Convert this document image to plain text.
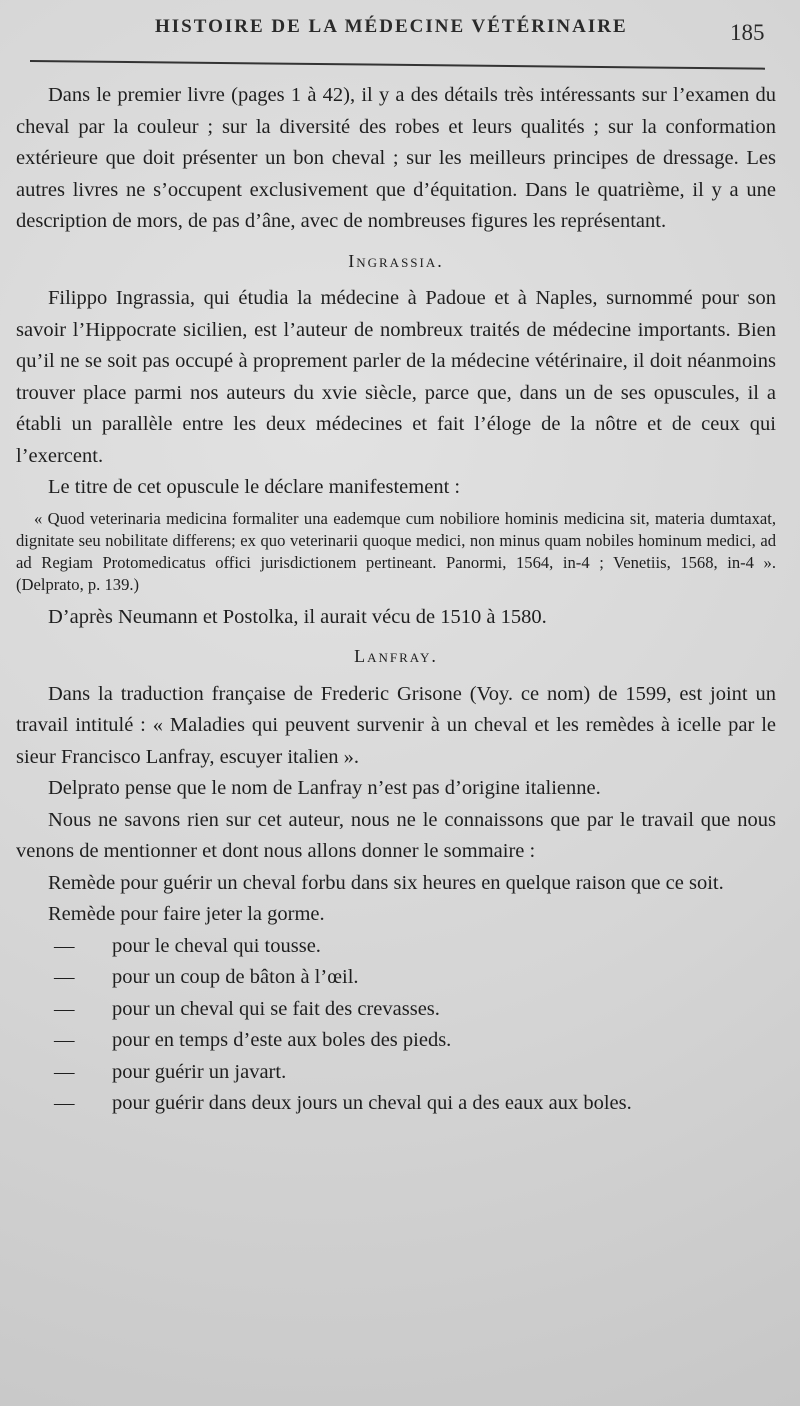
HISTOIRE DE LA MÉDECINE VÉTÉRINAIRE	185

Dans le premier livre (pages 1 à 42), il y a des détails très intéressants sur l’examen du cheval par la couleur ; sur la diversité des robes et leurs qualités ; sur la conformation extérieure que doit présenter un bon cheval ; sur les meilleurs principes de dressage. Les autres livres ne s’occupent exclusivement que d’équitation. Dans le quatrième, il y a une description de mors, de pas d’âne, avec de nombreuses figures les représentant.

Ingrassia.

Filippo Ingrassia, qui étudia la médecine à Padoue et à Naples, surnommé pour son savoir l’Hippocrate sicilien, est l’auteur de nombreux traités de médecine importants. Bien qu’il ne se soit pas occupé à proprement parler de la médecine vétérinaire, il doit néanmoins trouver place parmi nos auteurs du xvie siècle, parce que, dans un de ses opuscules, il a établi un parallèle entre les deux médecines et fait l’éloge de la nôtre et de ceux qui l’exercent.

Le titre de cet opuscule le déclare manifestement :

« Quod veterinaria medicina formaliter una eademque cum nobiliore hominis medicina sit, materia dumtaxat, dignitate seu nobilitate differens; ex quo veterinarii quoque medici, non minus quam nobiles hominum medici, ad ad Regiam Protomedicatus offici jurisdictionem pertineant. Panormi, 1564, in-4 ; Venetiis, 1568, in-4 ». (Delprato, p. 139.)

D’après Neumann et Postolka, il aurait vécu de 1510 à 1580.

Lanfray.

Dans la traduction française de Frederic Grisone (Voy. ce nom) de 1599, est joint un travail intitulé : « Maladies qui peuvent survenir à un cheval et les remèdes à icelle par le sieur Francisco Lanfray, escuyer italien ».

Delprato pense que le nom de Lanfray n’est pas d’origine italienne.

Nous ne savons rien sur cet auteur, nous ne le connaissons que par le travail que nous venons de mentionner et dont nous allons donner le sommaire :

Remède pour guérir un cheval forbu dans six heures en quelque raison que ce soit.

Remède pour faire jeter la gorme.

—	pour le cheval qui tousse.
—	pour un coup de bâton à l’œil.
—	pour un cheval qui se fait des crevasses.
—	pour en temps d’este aux boles des pieds.
—	pour guérir un javart.
—	pour guérir dans deux jours un cheval qui a des eaux aux boles.
